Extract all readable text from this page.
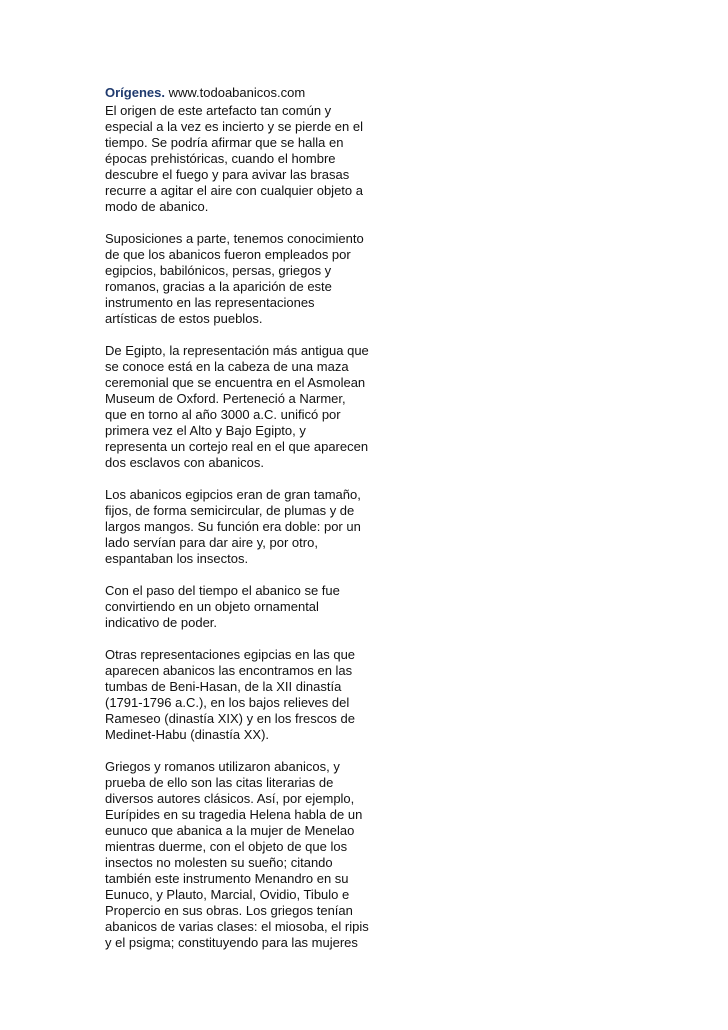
Orígenes. www.todoabanicos.com

El origen de este artefacto tan común y
especial a la vez es incierto y se pierde en el
tiempo. Se podría afirmar que se halla en
épocas prehistóricas, cuando el hombre
descubre el fuego y para avivar las brasas
recurre a agitar el aire con cualquier objeto a
modo de abanico.

Suposiciones a parte, tenemos conocimiento
de que los abanicos fueron empleados por
egipcios, babilónicos, persas, griegos y
romanos, gracias a la aparición de este
instrumento en las representaciones
artísticas de estos pueblos.

De Egipto, la representación más antigua que
se conoce está en la cabeza de una maza
ceremonial que se encuentra en el Asmolean
Museum de Oxford. Perteneció a Narmer,
que en torno al año 3000 a.C. unificó por
primera vez el Alto y Bajo Egipto, y
representa un cortejo real en el que aparecen
dos esclavos con abanicos.

Los abanicos egipcios eran de gran tamaño,
fijos, de forma semicircular, de plumas y de
largos mangos. Su función era doble: por un
lado servían para dar aire y, por otro,
espantaban los insectos.

Con el paso del tiempo el abanico se fue
convirtiendo en un objeto ornamental
indicativo de poder.

Otras representaciones egipcias en las que
aparecen abanicos las encontramos en las
tumbas de Beni-Hasan, de la XII dinastía
(1791-1796 a.C.), en los bajos relieves del
Rameseo (dinastía XIX) y en los frescos de
Medinet-Habu (dinastía XX).

Griegos y romanos utilizaron abanicos, y
prueba de ello son las citas literarias de
diversos autores clásicos. Así, por ejemplo,
Eurípides en su tragedia Helena habla de un
eunuco que abanica a la mujer de Menelao
mientras duerme, con el objeto de que los
insectos no molesten su sueño; citando
también este instrumento Menandro en su
Eunuco, y Plauto, Marcial, Ovidio, Tibulo e
Propercio en sus obras. Los griegos tenían
abanicos de varias clases: el miosoba, el ripis
y el psigma; constituyendo para las mujeres
